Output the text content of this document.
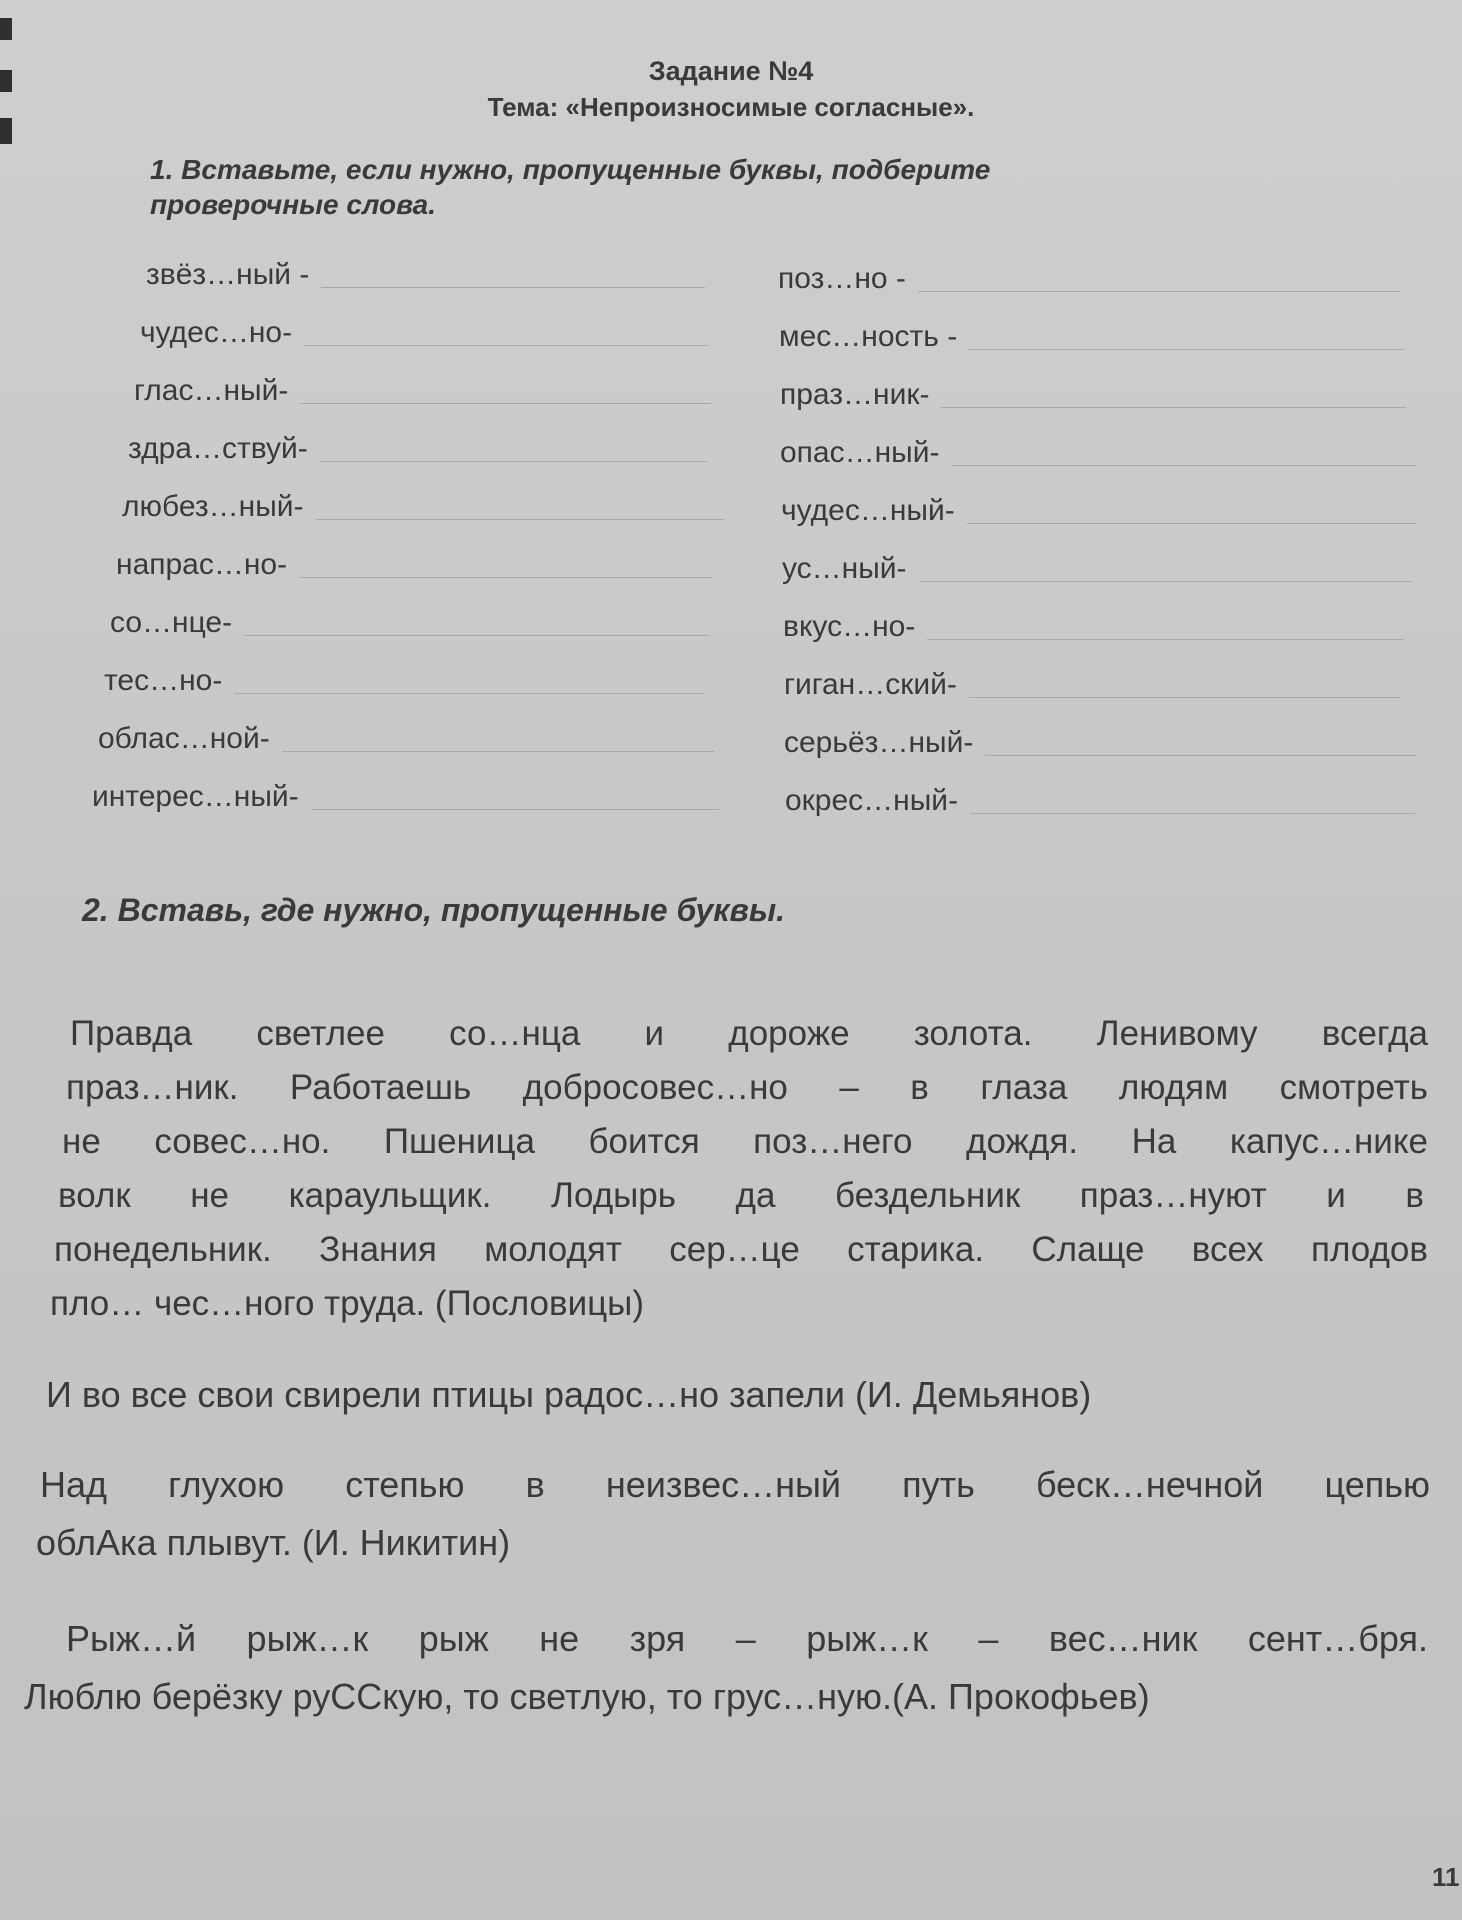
Задание №4
Тема: «Непроизносимые согласные».
1. Вставьте, если нужно, пропущенные буквы, подберите
проверочные слова.
звёз…ный -
чудес…но-
глас…ный-
здра…ствуй-
любез…ный-
напрас…но-
со…нце-
тес…но-
облас…ной-
интерес…ный-
поз…но -
мес…ность -
праз…ник-
опас…ный-
чудес…ный-
ус…ный-
вкус…но-
гиган…ский-
серьёз…ный-
окрес…ный-
2. Вставь, где нужно, пропущенные буквы.
Правда светлее со…нца и дороже золота. Ленивому всегда
праз…ник. Работаешь добросовес…но – в глаза людям смотреть
не совес…но. Пшеница боится поз…него дождя. На капус…нике
волк не караульщик. Лодырь да бездельник праз…нуют и в
понедельник. Знания молодят сер…це старика. Слаще всех плодов
пло… чес…ного труда. (Пословицы)
И во все свои свирели птицы радос…но запели (И. Демьянов)
Над глухою степью в неизвес…ный путь беск…нечной цепью
облАка плывут. (И. Никитин)
Рыж…й рыж…к рыж не зря – рыж…к – вес…ник сент…бря.
Люблю берёзку руССкую, то светлую, то грус…ную.(А. Прокофьев)
11
